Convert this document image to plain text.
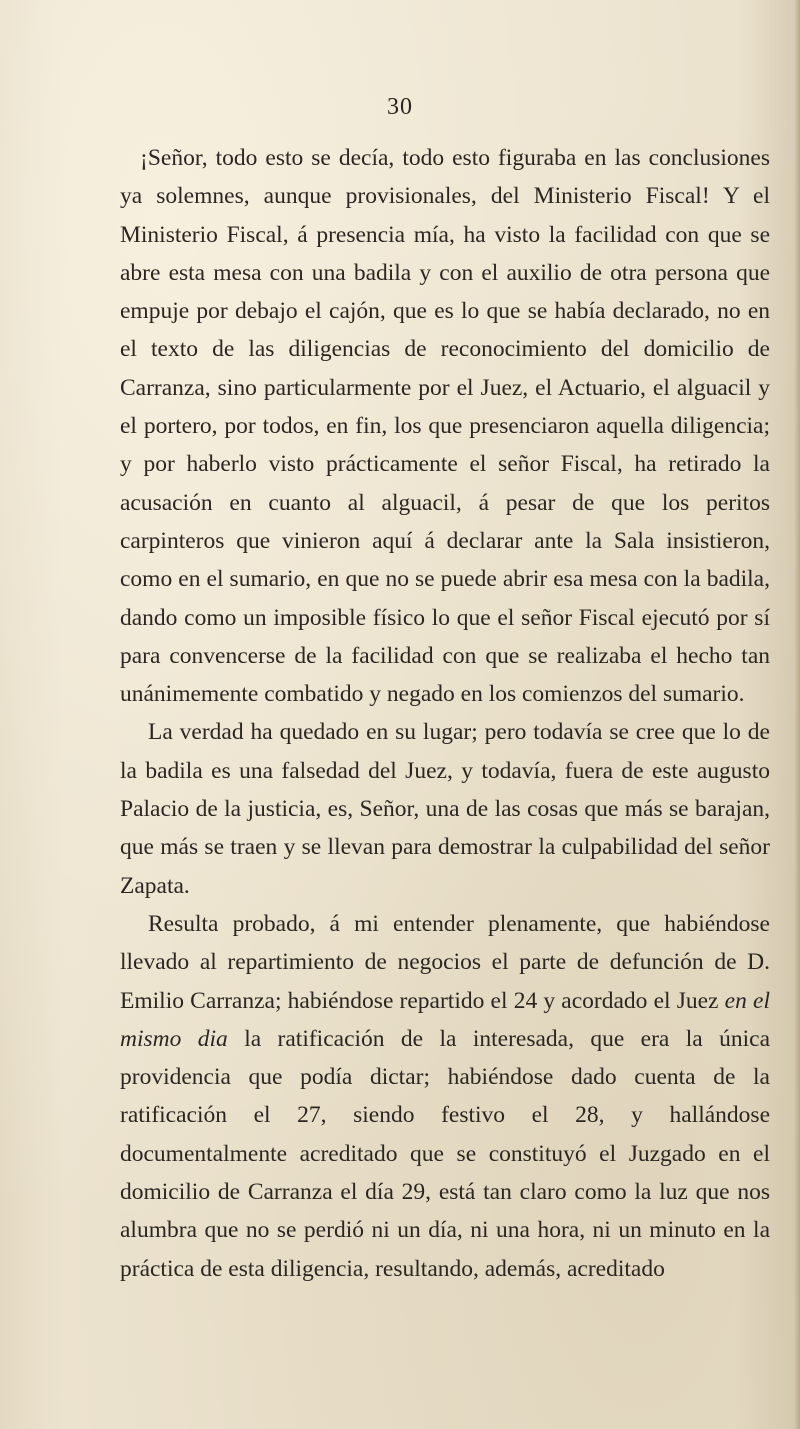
30

¡Señor, todo esto se decía, todo esto figuraba en las conclusiones ya solemnes, aunque provisionales, del Ministerio Fiscal! Y el Ministerio Fiscal, á presencia mía, ha visto la facilidad con que se abre esta mesa con una badila y con el auxilio de otra persona que empuje por debajo el cajón, que es lo que se había declarado, no en el texto de las diligencias de reconocimiento del domicilio de Carranza, sino particularmente por el Juez, el Actuario, el alguacil y el portero, por todos, en fin, los que presenciaron aquella diligencia; y por haberlo visto prácticamente el señor Fiscal, ha retirado la acusación en cuanto al alguacil, á pesar de que los peritos carpinteros que vinieron aquí á declarar ante la Sala insistieron, como en el sumario, en que no se puede abrir esa mesa con la badila, dando como un imposible físico lo que el señor Fiscal ejecutó por sí para convencerse de la facilidad con que se realizaba el hecho tan unánimemente combatido y negado en los comienzos del sumario.

La verdad ha quedado en su lugar; pero todavía se cree que lo de la badila es una falsedad del Juez, y todavía, fuera de este augusto Palacio de la justicia, es, Señor, una de las cosas que más se barajan, que más se traen y se llevan para demostrar la culpabilidad del señor Zapata.

Resulta probado, á mi entender plenamente, que habiéndose llevado al repartimiento de negocios el parte de defunción de D. Emilio Carranza; habiéndose repartido el 24 y acordado el Juez en el mismo dia la ratificación de la interesada, que era la única providencia que podía dictar; habiéndose dado cuenta de la ratificación el 27, siendo festivo el 28, y hallándose documentalmente acreditado que se constituyó el Juzgado en el domicilio de Carranza el día 29, está tan claro como la luz que nos alumbra que no se perdió ni un día, ni una hora, ni un minuto en la práctica de esta diligencia, resultando, además, acreditado
